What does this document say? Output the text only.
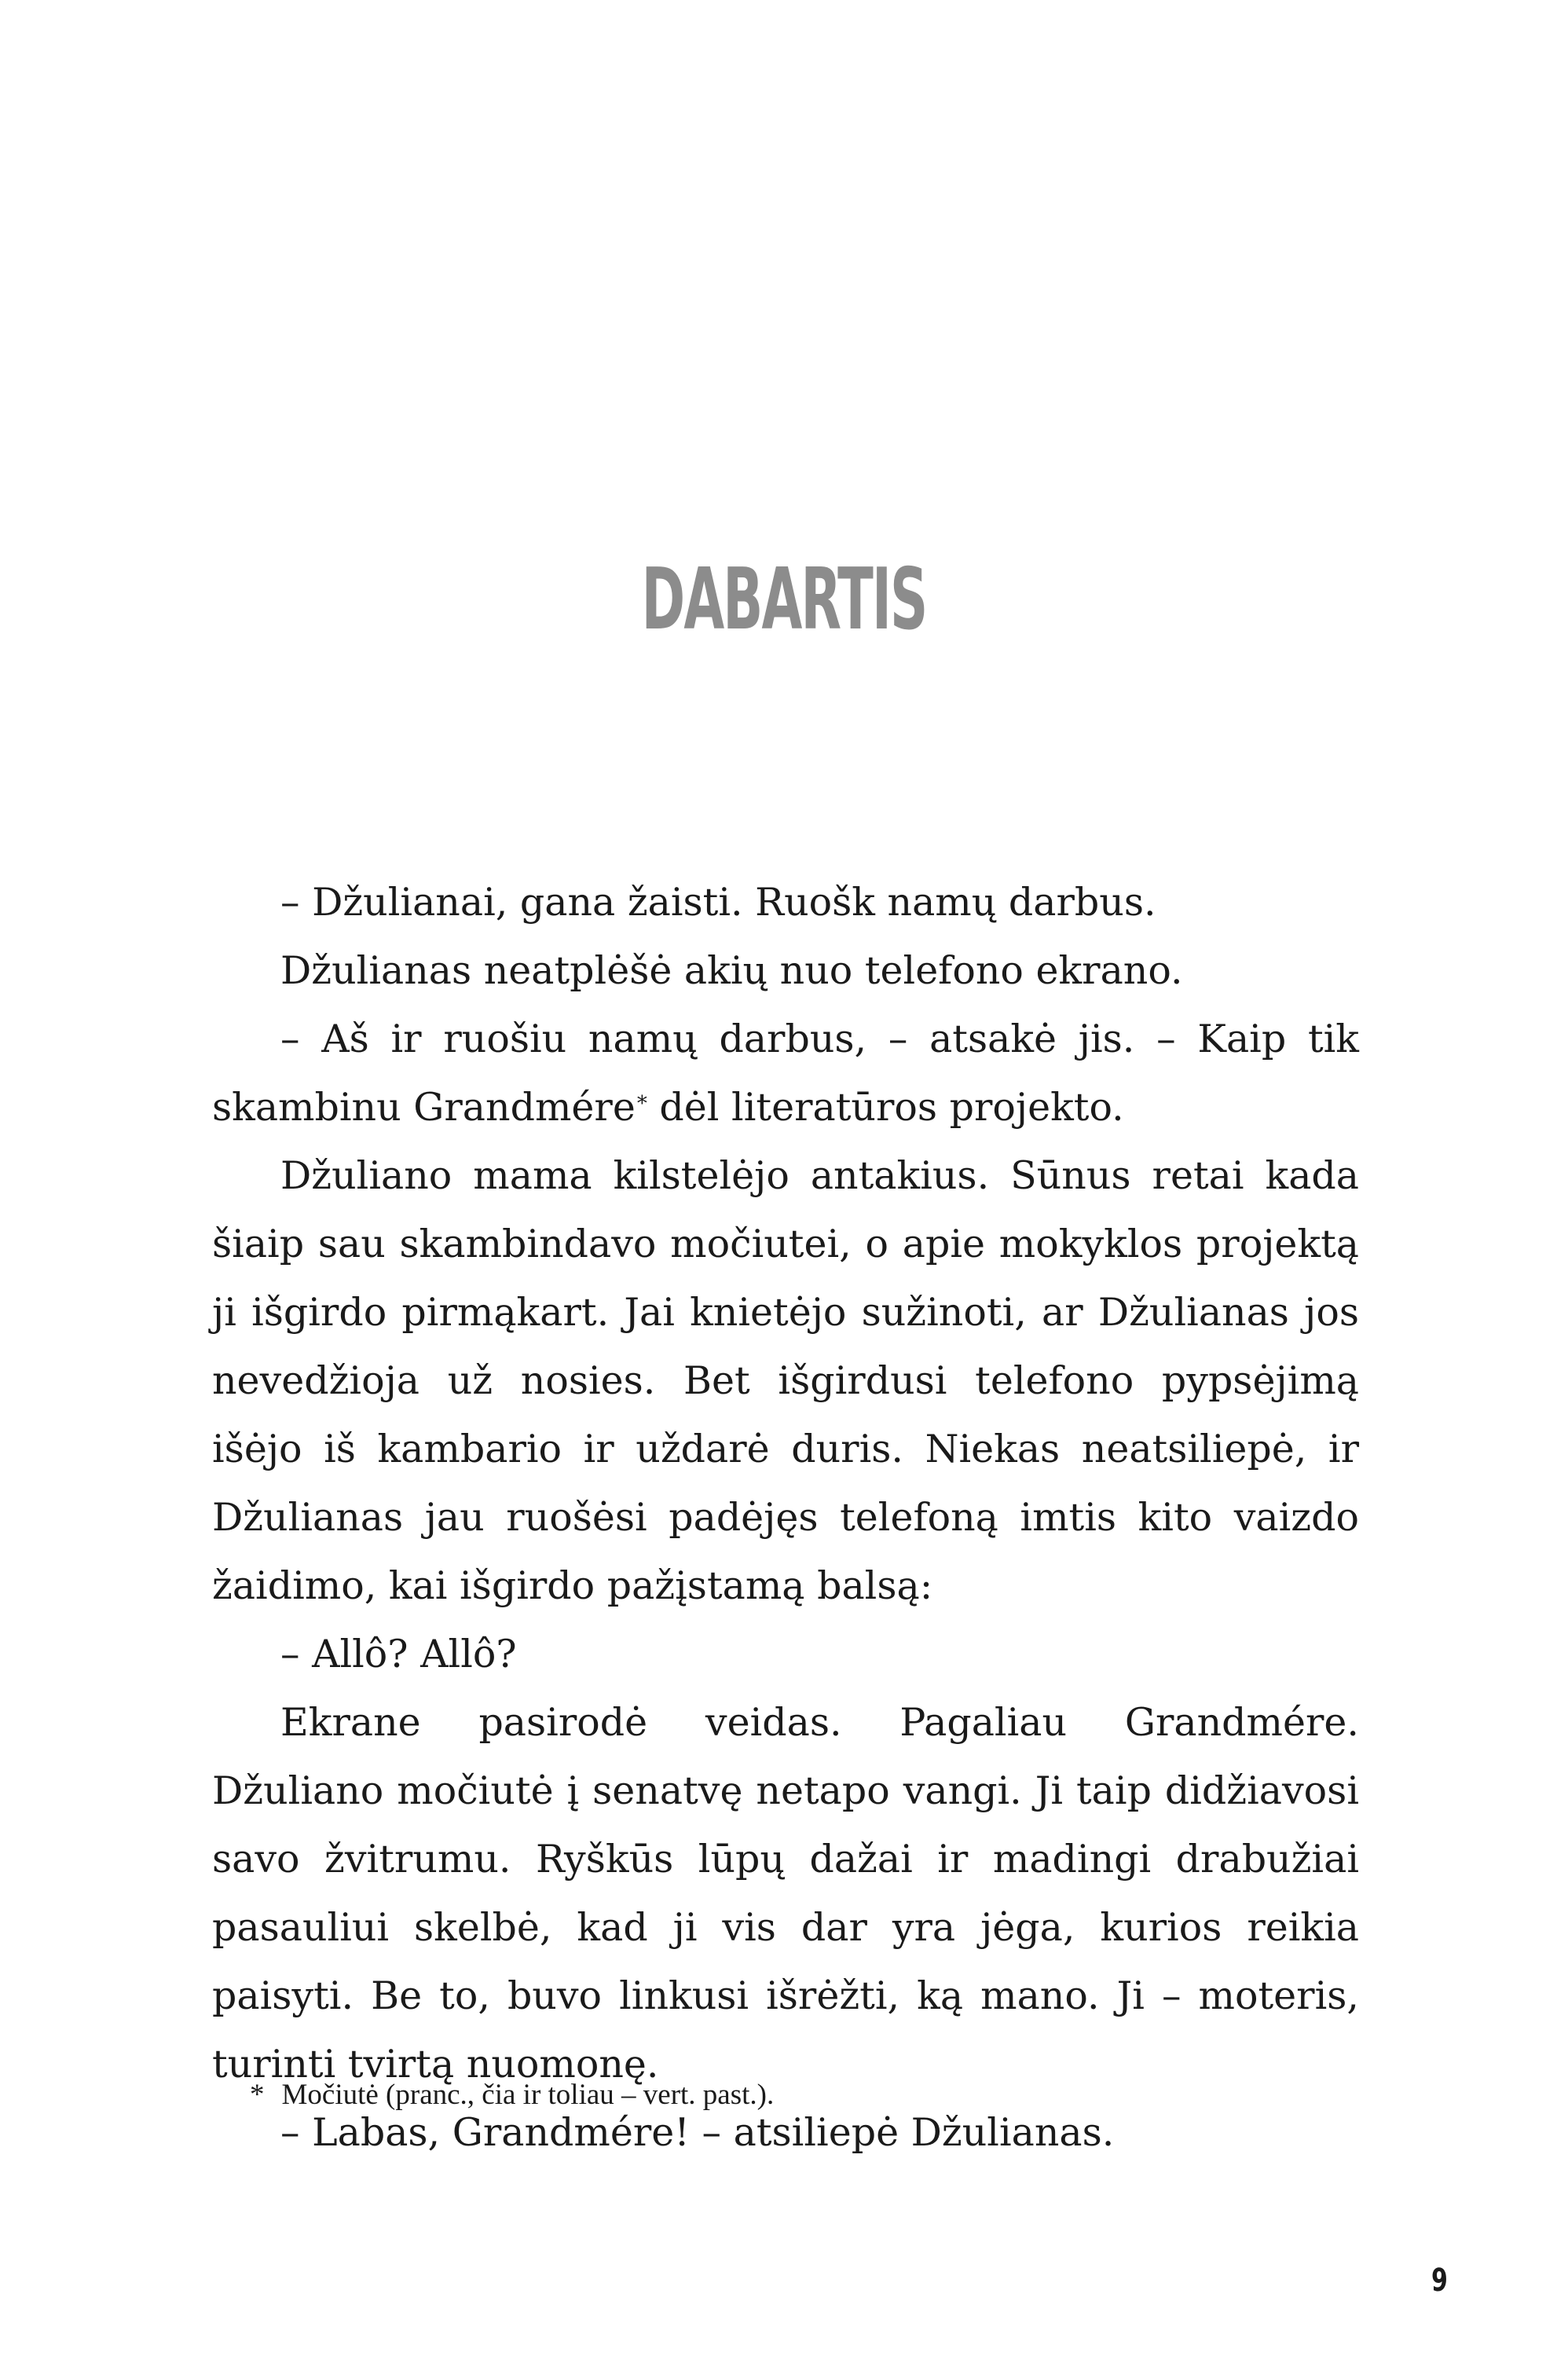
DABARTIS

– Džulianai, gana žaisti. Ruošk namų darbus.

Džulianas neatplėšė akių nuo telefono ekrano.

– Aš ir ruošiu namų darbus, – atsakė jis. – Kaip tik skambinu Grandmére* dėl literatūros projekto.

Džuliano mama kilstelėjo antakius. Sūnus retai kada šiaip sau skambindavo močiutei, o apie mokyklos projektą ji išgirdo pirmąkart. Jai knietėjo sužinoti, ar Džulianas jos nevedžioja už nosies. Bet išgirdusi telefono pypsėjimą išėjo iš kambario ir uždarė duris. Niekas neatsiliepė, ir Džulianas jau ruošėsi padėjęs telefoną imtis kito vaizdo žaidimo, kai išgirdo pažįstamą balsą:

– Allô? Allô?

Ekrane pasirodė veidas. Pagaliau Grandmére. Džuliano močiutė į senatvę netapo vangi. Ji taip didžiavosi savo žvitrumu. Ryškūs lūpų dažai ir madingi drabužiai pasauliui skelbė, kad ji vis dar yra jėga, kurios reikia paisyti. Be to, buvo linkusi išrėžti, ką mano. Ji – moteris, turinti tvirtą nuomonę.

– Labas, Grandmére! – atsiliepė Džulianas.

* Močiutė (pranc., čia ir toliau – vert. past.).
9
